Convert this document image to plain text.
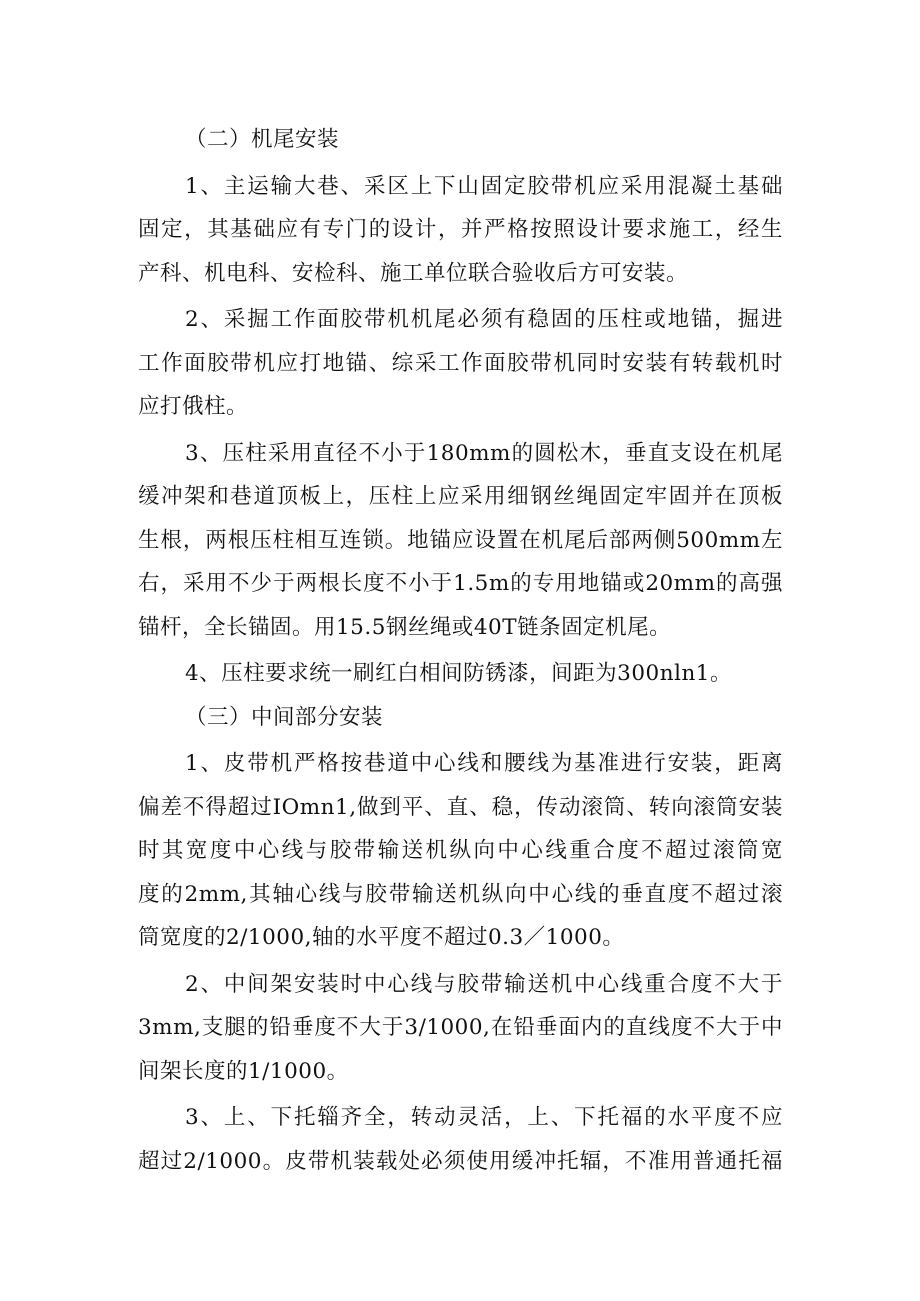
（二）机尾安装
1、主运输大巷、采区上下山固定胶带机应采用混凝土基础
固定，其基础应有专门的设计，并严格按照设计要求施工，经生
产科、机电科、安检科、施工单位联合验收后方可安装。
2、采掘工作面胶带机机尾必须有稳固的压柱或地锚，掘进
工作面胶带机应打地锚、综采工作面胶带机同时安装有转载机时
应打俄柱。
3、压柱采用直径不小于180mm的圆松木，垂直支设在机尾
缓冲架和巷道顶板上，压柱上应采用细钢丝绳固定牢固并在顶板
生根，两根压柱相互连锁。地锚应设置在机尾后部两侧500mm左
右，采用不少于两根长度不小于1.5m的专用地锚或20mm的高强
锚杆，全长锚固。用15.5钢丝绳或40T链条固定机尾。
4、压柱要求统一刷红白相间防锈漆，间距为300nln1。
（三）中间部分安装
1、皮带机严格按巷道中心线和腰线为基准进行安装，距离
偏差不得超过IOmn1,做到平、直、稳，传动滚筒、转向滚筒安装
时其宽度中心线与胶带输送机纵向中心线重合度不超过滚筒宽
度的2mm,其轴心线与胶带输送机纵向中心线的垂直度不超过滚
筒宽度的2/1000,轴的水平度不超过0.3／1000。
2、中间架安装时中心线与胶带输送机中心线重合度不大于
3mm,支腿的铅垂度不大于3/1000,在铅垂面内的直线度不大于中
间架长度的1/1000。
3、上、下托辎齐全，转动灵活，上、下托福的水平度不应
超过2/1000。皮带机装载处必须使用缓冲托辐，不准用普通托福
